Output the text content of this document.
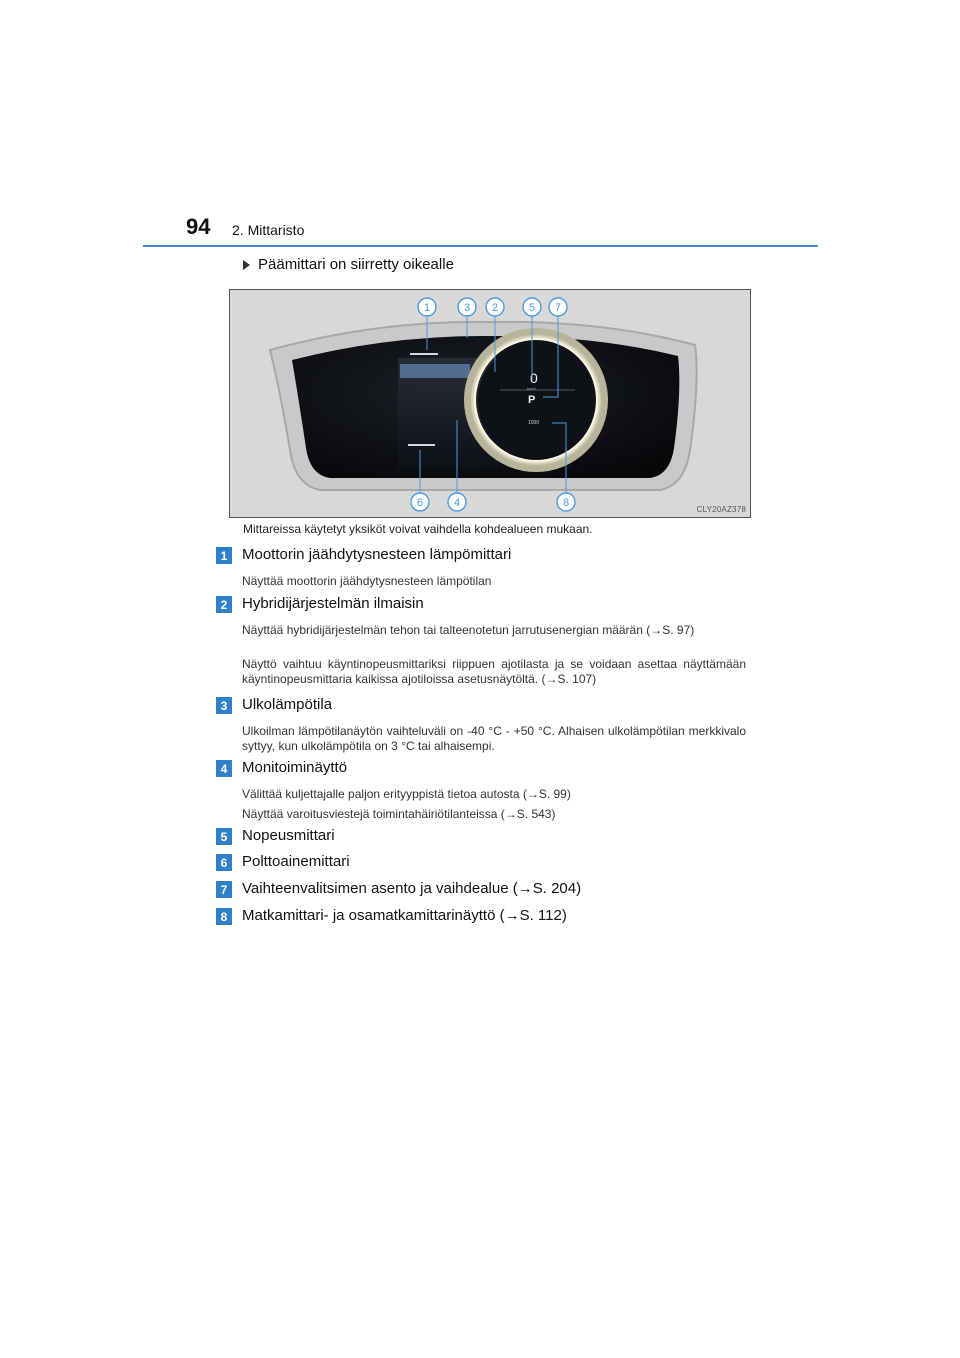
94 2. Mittaristo
Päämittari on siirretty oikealle
0
km/h
P
1000
1	3 2	5 7
6	4	8
CLY20AZ378
Mittareissa käytetyt yksiköt voivat vaihdella kohdealueen mukaan.
1 Moottorin jäähdytysnesteen lämpömittari
Näyttää moottorin jäähdytysnesteen lämpötilan
2 Hybridijärjestelmän ilmaisin
Näyttää hybridijärjestelmän tehon tai talteenotetun jarrutusenergian määrän (→S. 97)
Näyttö vaihtuu käyntinopeusmittariksi riippuen ajotilasta ja se voidaan asettaa näyttämään käyntinopeusmittaria kaikissa ajotiloissa asetusnäytöltä. (→S. 107)
3 Ulkolämpötila
Ulkoilman lämpötilanäytön vaihteluväli on -40 °C - +50 °C. Alhaisen ulkolämpötilan merkkivalo syttyy, kun ulkolämpötila on 3 °C tai alhaisempi.
4 Monitoiminäyttö
Välittää kuljettajalle paljon erityyppistä tietoa autosta (→S. 99)
Näyttää varoitusviestejä toimintahäiriötilanteissa (→S. 543)
5 Nopeusmittari
6 Polttoainemittari
7 Vaihteenvalitsimen asento ja vaihdealue (→S. 204)
8 Matkamittari- ja osamatkamittarinäyttö (→S. 112)
